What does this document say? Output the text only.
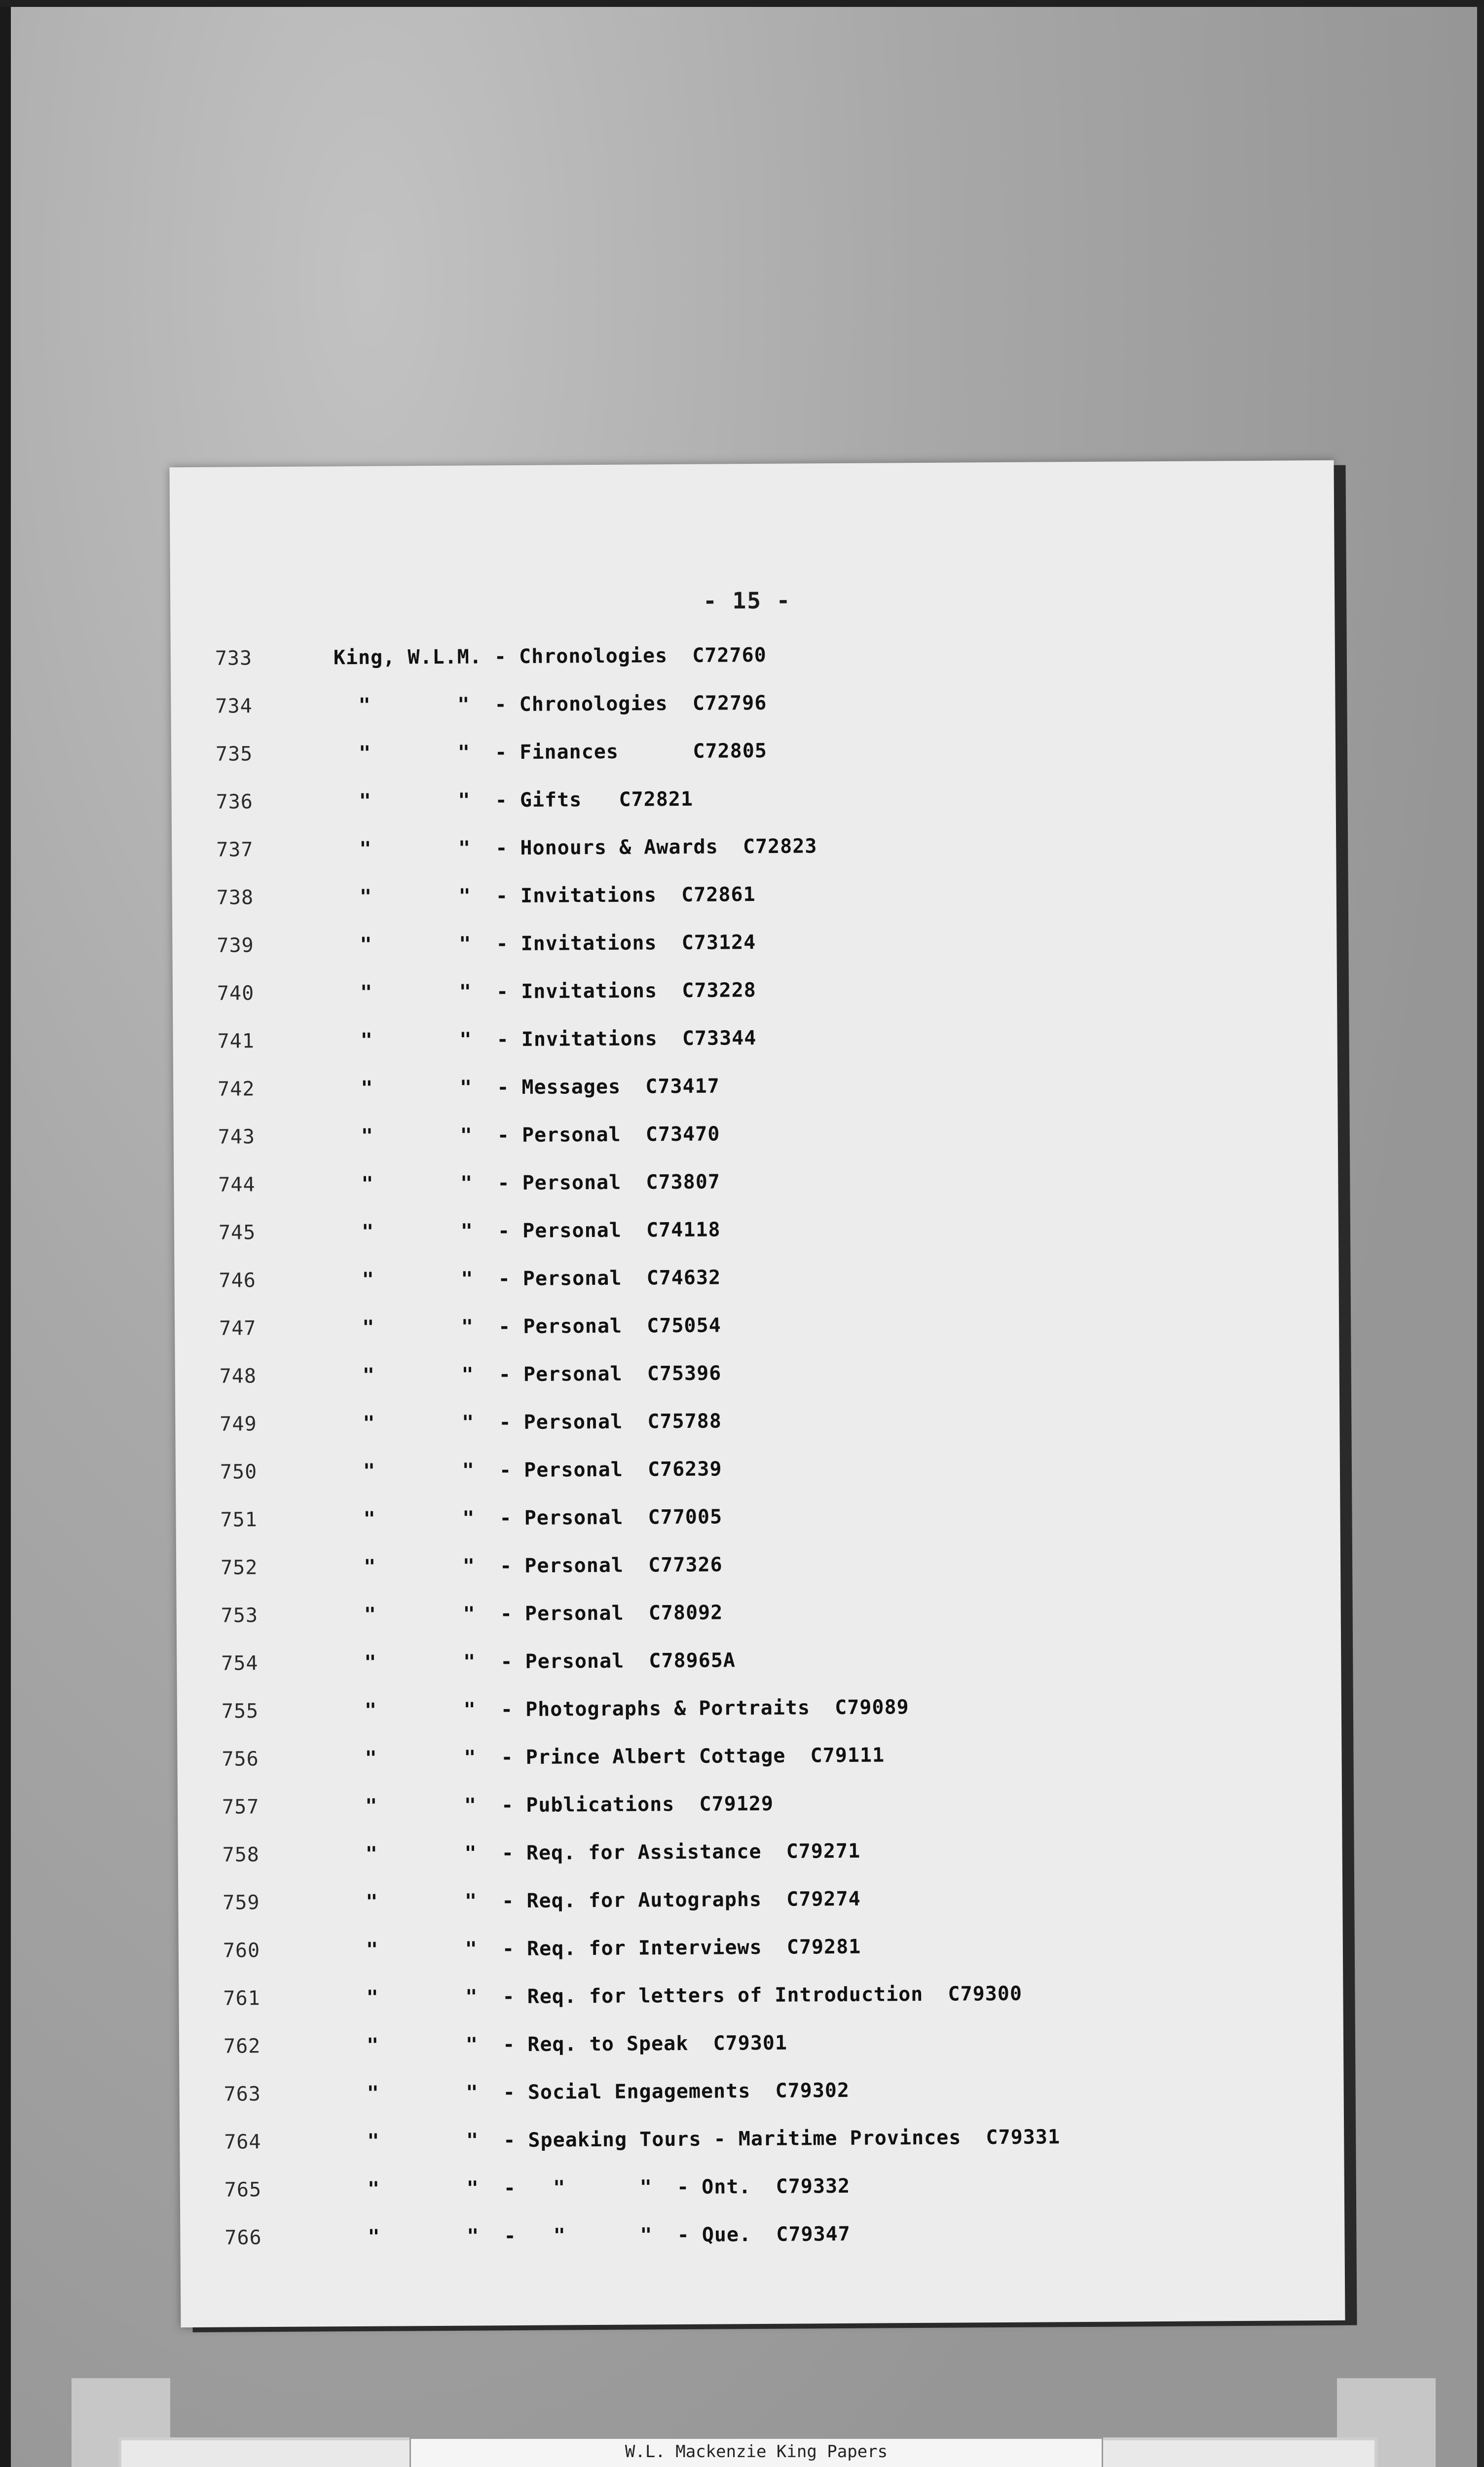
- 15 -
733	King, W.L.M. - Chronologies  C72760
734	"       "  - Chronologies  C72796
735	"       "  - Finances      C72805
736	"       "  - Gifts   C72821
737	"       "  - Honours & Awards  C72823
738	"       "  - Invitations  C72861
739	"       "  - Invitations  C73124
740	"       "  - Invitations  C73228
741	"       "  - Invitations  C73344
742	"       "  - Messages  C73417
743	"       "  - Personal  C73470
744	"       "  - Personal  C73807
745	"       "  - Personal  C74118
746	"       "  - Personal  C74632
747	"       "  - Personal  C75054
748	"       "  - Personal  C75396
749	"       "  - Personal  C75788
750	"       "  - Personal  C76239
751	"       "  - Personal  C77005
752	"       "  - Personal  C77326
753	"       "  - Personal  C78092
754	"       "  - Personal  C78965A
755	"       "  - Photographs & Portraits  C79089
756	"       "  - Prince Albert Cottage  C79111
757	"       "  - Publications  C79129
758	"       "  - Req. for Assistance  C79271
759	"       "  - Req. for Autographs  C79274
760	"       "  - Req. for Interviews  C79281
761	"       "  - Req. for letters of Introduction  C79300
762	"       "  - Req. to Speak  C79301
763	"       "  - Social Engagements  C79302
764	"       "  - Speaking Tours - Maritime Provinces  C79331
765	"       "  -   "      "  - Ont.  C79332
766	"       "  -   "      "  - Que.  C79347
W.L. Mackenzie King Papers
